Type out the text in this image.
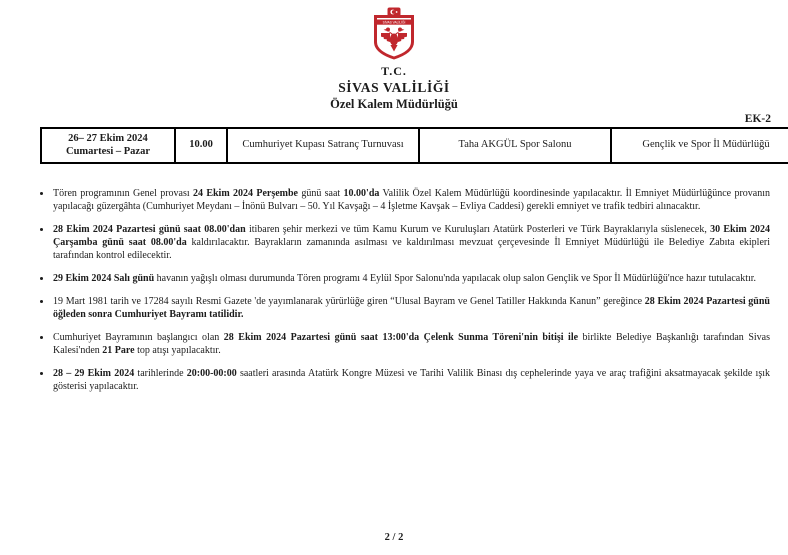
SİVAS VALİLİĞİ
T.C.
SİVAS VALİLİĞİ
Özel Kalem Müdürlüğü
EK-2
26– 27 Ekim 2024
Cumartesi – Pazar
	10.00	Cumhuriyet Kupası Satranç Turnuvası	Taha AKGÜL Spor Salonu	Gençlik ve Spor İl Müdürlüğü
• Tören programının Genel provası 24 Ekim 2024 Perşembe günü saat 10.00'da Valilik Özel Kalem Müdürlüğü koordinesinde yapılacaktır. İl Emniyet Müdürlüğünce provanın yapılacağı güzergâhta (Cumhuriyet Meydanı – İnönü Bulvarı – 50. Yıl Kavşağı – 4 İşletme Kavşak – Evliya Caddesi) gerekli emniyet ve trafik tedbiri alınacaktır.
• 28 Ekim 2024 Pazartesi günü saat 08.00'dan itibaren şehir merkezi ve tüm Kamu Kurum ve Kuruluşları Atatürk Posterleri ve Türk Bayraklarıyla süslenecek, 30 Ekim 2024 Çarşamba günü saat 08.00'da kaldırılacaktır. Bayrakların zamanında asılması ve kaldırılması mevzuat çerçevesinde İl Emniyet Müdürlüğü ile Belediye Zabıta ekipleri tarafından kontrol edilecektir.
• 29 Ekim 2024 Salı günü havanın yağışlı olması durumunda Tören programı 4 Eylül Spor Salonu'nda yapılacak olup salon Gençlik ve Spor İl Müdürlüğü'nce hazır tutulacaktır.
• 19 Mart 1981 tarih ve 17284 sayılı Resmi Gazete 'de yayımlanarak yürürlüğe giren “Ulusal Bayram ve Genel Tatiller Hakkında Kanun” gereğince 28 Ekim 2024 Pazartesi günü öğleden sonra Cumhuriyet Bayramı tatilidir.
• Cumhuriyet Bayramının başlangıcı olan 28 Ekim 2024 Pazartesi günü saat 13:00'da Çelenk Sunma Töreni'nin bitişi ile birlikte Belediye Başkanlığı tarafından Sivas Kalesi'nden 21 Pare top atışı yapılacaktır.
• 28 – 29 Ekim 2024 tarihlerinde 20:00-00:00 saatleri arasında Atatürk Kongre Müzesi ve Tarihi Valilik Binası dış cephelerinde yaya ve araç trafiğini aksatmayacak şekilde ışık gösterisi yapılacaktır.
2 / 2
